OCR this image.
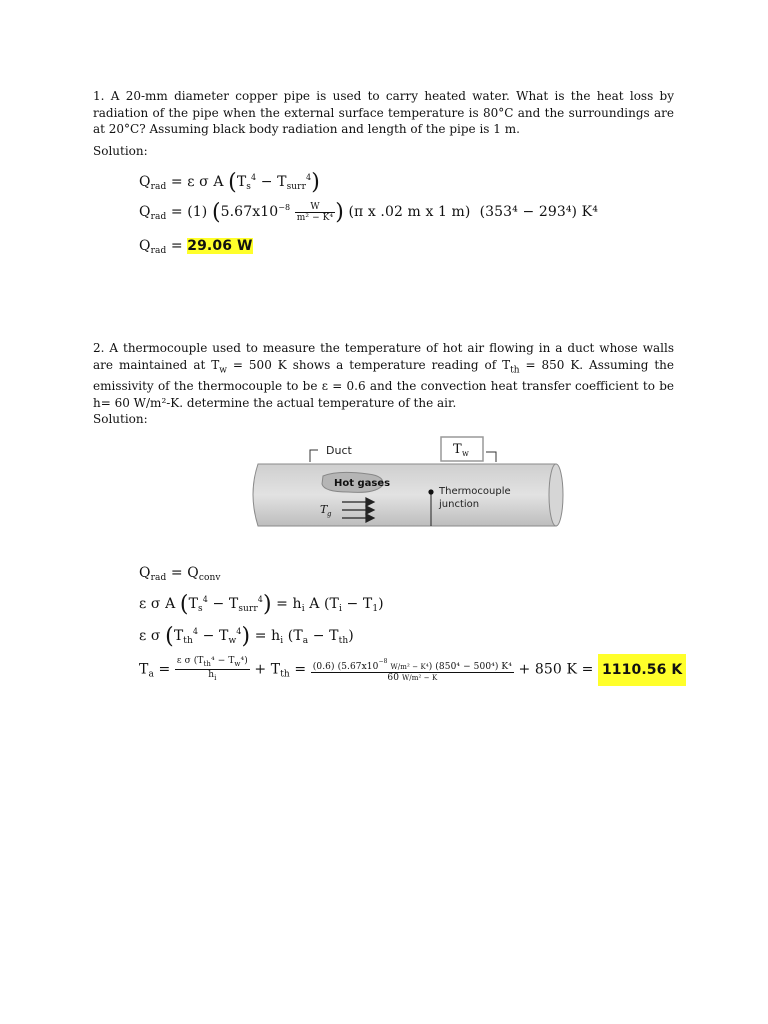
1. A 20-mm diameter copper pipe is used to carry heated water. What is the heat loss by radiation of the pipe when the external surface temperature is 80°C and the surroundings are at 20°C? Assuming black body radiation and length of the pipe is 1 m.
Solution:
$Q_{rad} = \varepsilon$ σ A $(T_s^4 - T_{surr}^4)$
$Q_{rad} = (1)$ ($5.67x10^{-8} \frac{W}{\text{m² − K⁴}}$ ) (π x .02 m x 1 m)  (353⁴ − 293⁴) K⁴
$Q_{rad} = 29.06$ W
2. A thermocouple used to measure the temperature of hot air flowing in a duct whose walls are maintained at $T_w = 500$ K shows a temperature reading of $T_{th} = 850$ K. Assuming the emissivity of the thermocouple to be ε = 0.6 and the convection heat transfer coefficient to be h= 60 W/m²-K. determine the actual temperature of the air.
Solution:
Duct	T w
Hot gases
T g
Thermocouple
junction
$Q_{rad} = Q_{conv}$
ε σ A $(T_s^4 - T_{surr}^4) = h_i$ A $(T_i - T_1)$
ε σ $(T_{th}^4 - T_w^4) = h_i$ $(T_a - T_{th})$
$T_a = \frac{\varepsilon \sigma (T_{th}^4 - T_w^4)}{h_i} + T_{th} = \frac{(0.6) (5.67x10^{-8} W/m^2 - K^4) (850^4 - 500^4) K^4}{\text{60 W/m² − K}} + 850$ K = 1110.56 K
